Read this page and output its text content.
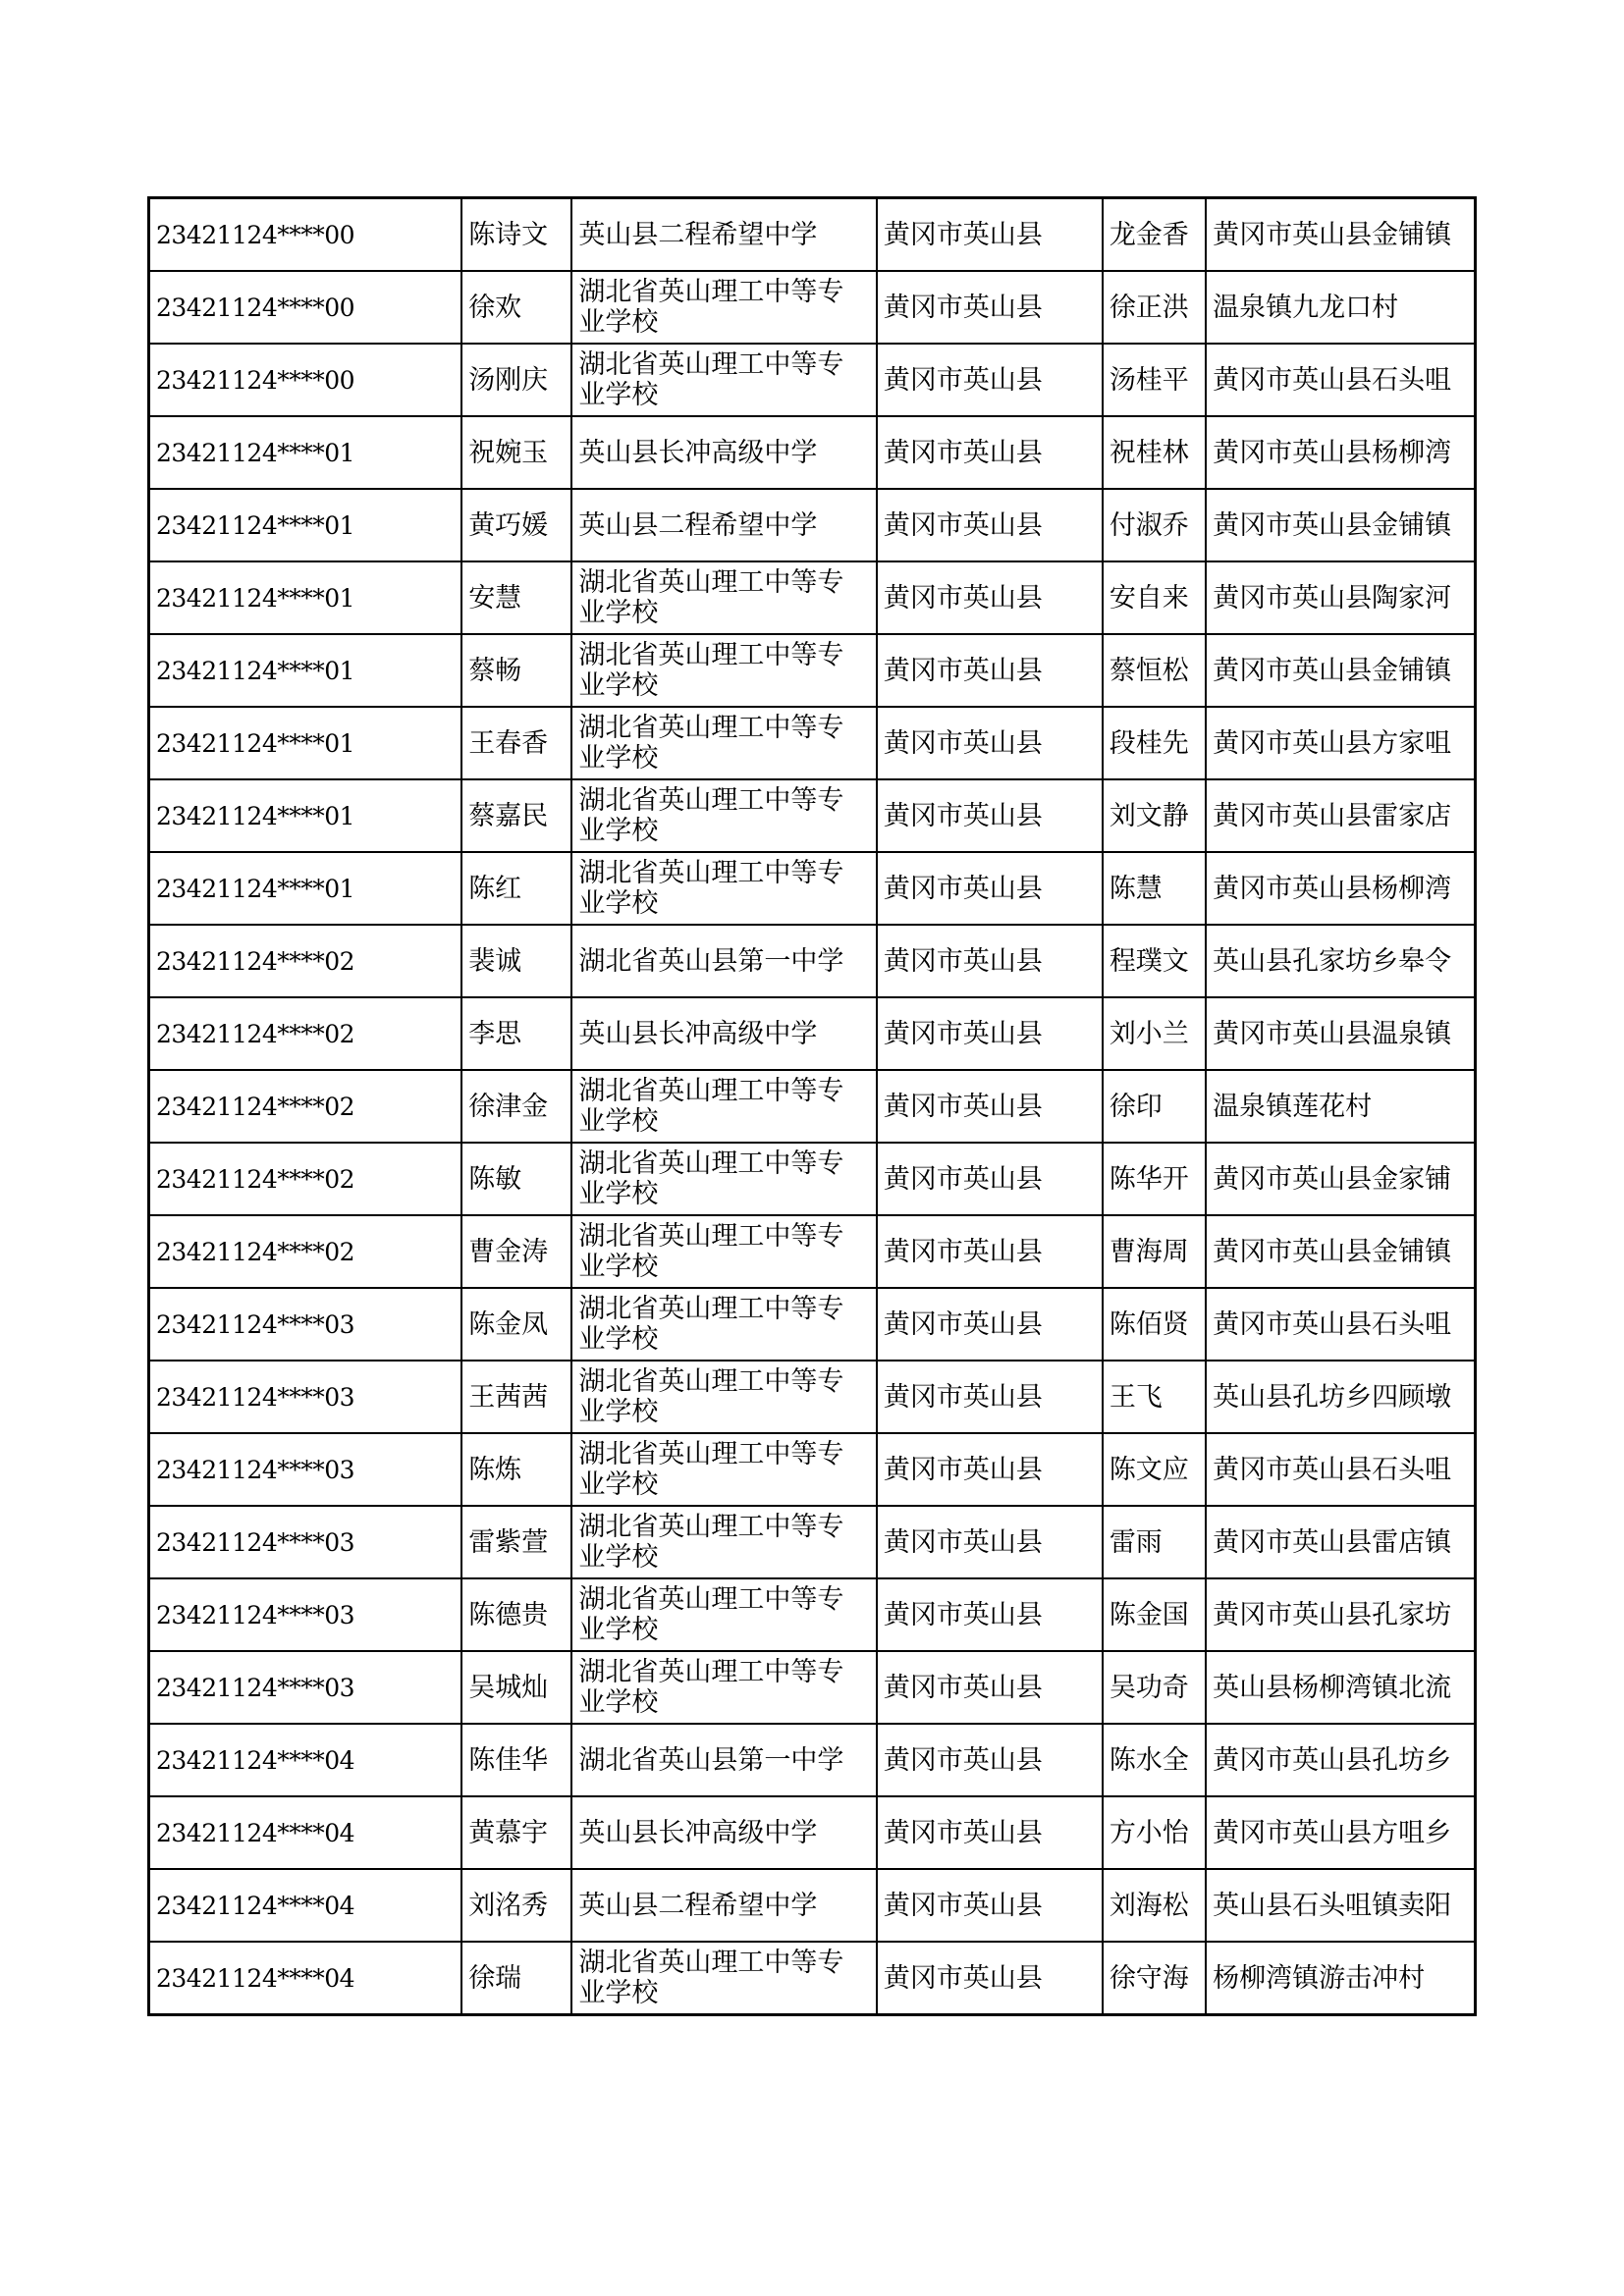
23421124****00	陈诗文	英山县二程希望中学	黄冈市英山县	龙金香	黄冈市英山县金铺镇
23421124****00	徐欢	湖北省英山理工中等专业学校	黄冈市英山县	徐正洪	温泉镇九龙口村
23421124****00	汤刚庆	湖北省英山理工中等专业学校	黄冈市英山县	汤桂平	黄冈市英山县石头咀
23421124****01	祝婉玉	英山县长冲高级中学	黄冈市英山县	祝桂林	黄冈市英山县杨柳湾
23421124****01	黄巧媛	英山县二程希望中学	黄冈市英山县	付淑乔	黄冈市英山县金铺镇
23421124****01	安慧	湖北省英山理工中等专业学校	黄冈市英山县	安自来	黄冈市英山县陶家河
23421124****01	蔡畅	湖北省英山理工中等专业学校	黄冈市英山县	蔡恒松	黄冈市英山县金铺镇
23421124****01	王春香	湖北省英山理工中等专业学校	黄冈市英山县	段桂先	黄冈市英山县方家咀
23421124****01	蔡嘉民	湖北省英山理工中等专业学校	黄冈市英山县	刘文静	黄冈市英山县雷家店
23421124****01	陈红	湖北省英山理工中等专业学校	黄冈市英山县	陈慧	黄冈市英山县杨柳湾
23421124****02	裴诚	湖北省英山县第一中学	黄冈市英山县	程璞文	英山县孔家坊乡皋令
23421124****02	李思	英山县长冲高级中学	黄冈市英山县	刘小兰	黄冈市英山县温泉镇
23421124****02	徐津金	湖北省英山理工中等专业学校	黄冈市英山县	徐印	温泉镇莲花村
23421124****02	陈敏	湖北省英山理工中等专业学校	黄冈市英山县	陈华开	黄冈市英山县金家铺
23421124****02	曹金涛	湖北省英山理工中等专业学校	黄冈市英山县	曹海周	黄冈市英山县金铺镇
23421124****03	陈金凤	湖北省英山理工中等专业学校	黄冈市英山县	陈佰贤	黄冈市英山县石头咀
23421124****03	王茜茜	湖北省英山理工中等专业学校	黄冈市英山县	王飞	英山县孔坊乡四顾墩
23421124****03	陈炼	湖北省英山理工中等专业学校	黄冈市英山县	陈文应	黄冈市英山县石头咀
23421124****03	雷紫萱	湖北省英山理工中等专业学校	黄冈市英山县	雷雨	黄冈市英山县雷店镇
23421124****03	陈德贵	湖北省英山理工中等专业学校	黄冈市英山县	陈金国	黄冈市英山县孔家坊
23421124****03	吴城灿	湖北省英山理工中等专业学校	黄冈市英山县	吴功奇	英山县杨柳湾镇北流
23421124****04	陈佳华	湖北省英山县第一中学	黄冈市英山县	陈水全	黄冈市英山县孔坊乡
23421124****04	黄慕宇	英山县长冲高级中学	黄冈市英山县	方小怡	黄冈市英山县方咀乡
23421124****04	刘洺秀	英山县二程希望中学	黄冈市英山县	刘海松	英山县石头咀镇卖阳
23421124****04	徐瑞	湖北省英山理工中等专业学校	黄冈市英山县	徐守海	杨柳湾镇游击冲村
